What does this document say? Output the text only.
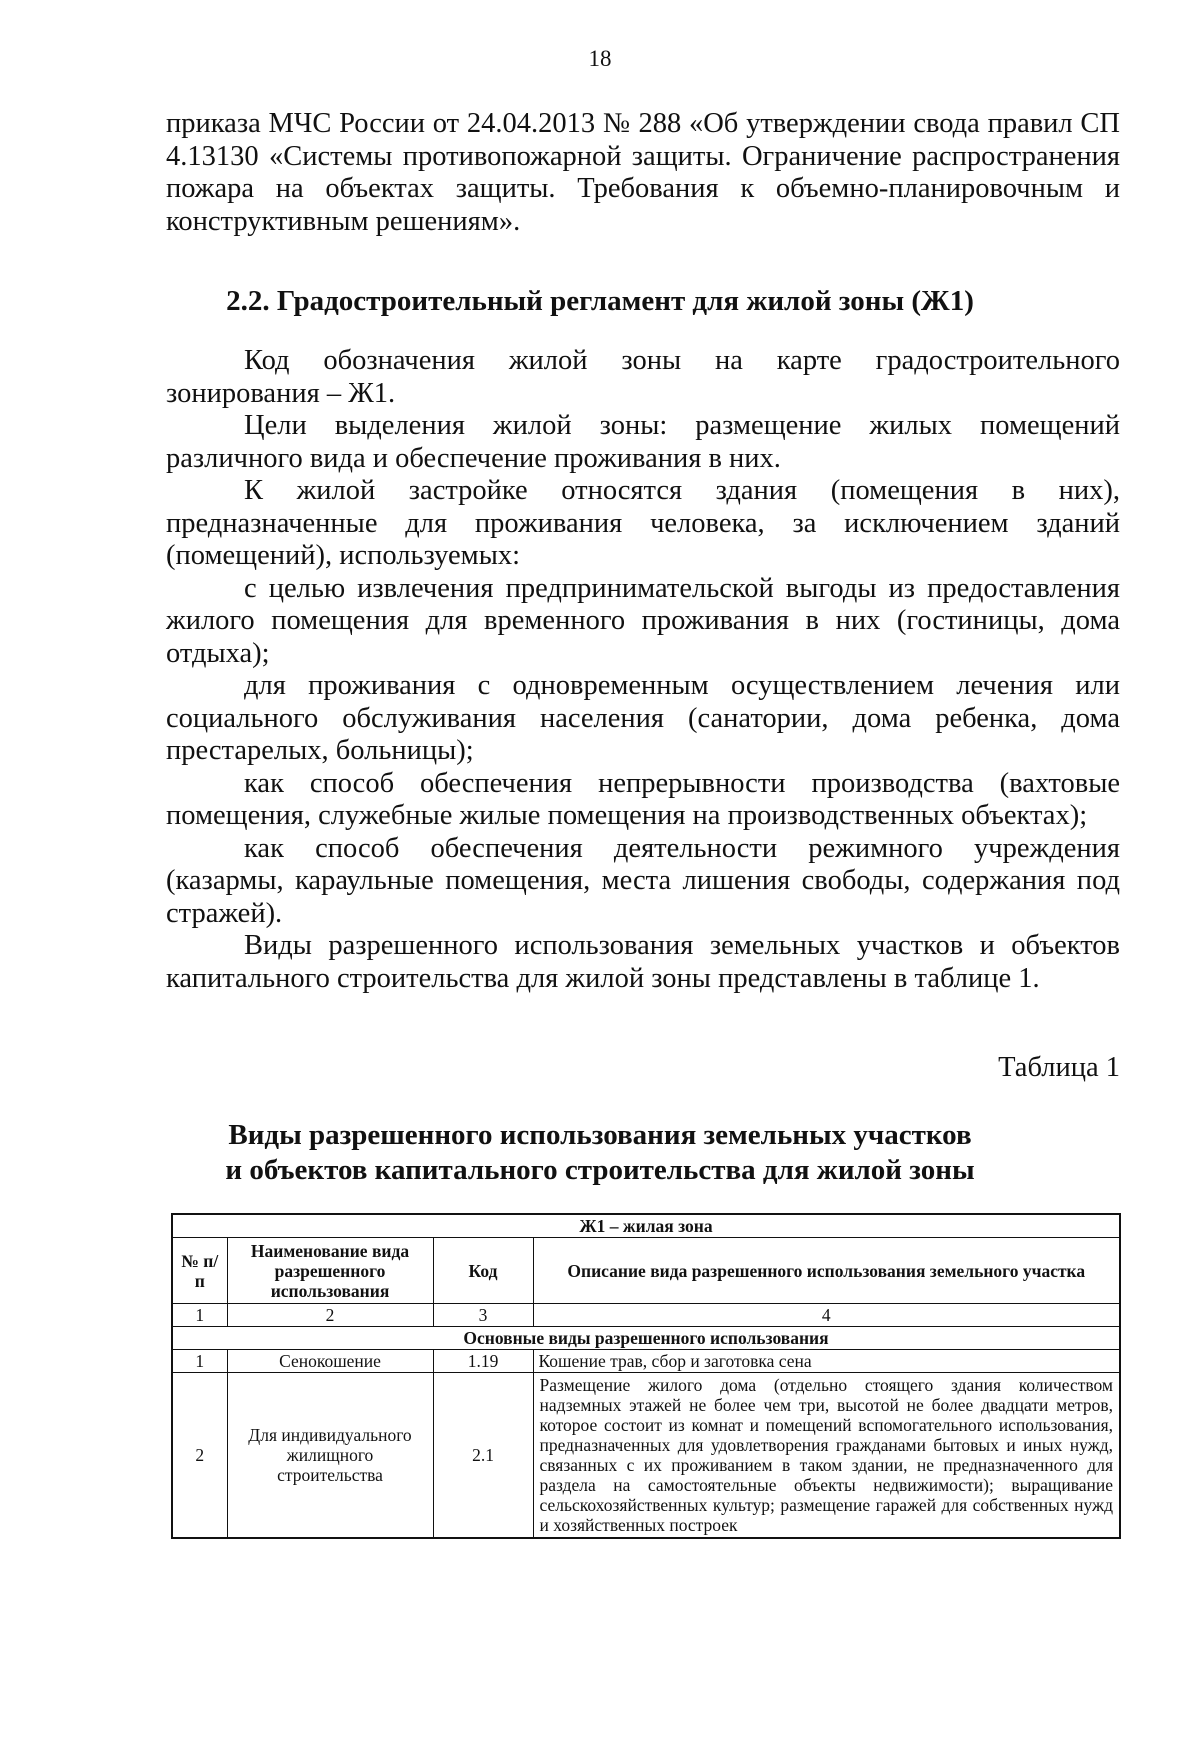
18

приказа МЧС России от 24.04.2013 № 288 «Об утверждении свода правил СП 4.13130 «Системы противопожарной защиты. Ограничение распространения пожара на объектах защиты. Требования к объемно-планировочным и конструктивным решениям».

2.2. Градостроительный регламент для жилой зоны (Ж1)

Код обозначения жилой зоны на карте градостроительного зонирования – Ж1.

Цели выделения жилой зоны: размещение жилых помещений различного вида и обеспечение проживания в них.

К жилой застройке относятся здания (помещения в них), предназначенные для проживания человека, за исключением зданий (помещений), используемых:

с целью извлечения предпринимательской выгоды из предоставления жилого помещения для временного проживания в них (гостиницы, дома отдыха);

для проживания с одновременным осуществлением лечения или социального обслуживания населения (санатории, дома ребенка, дома престарелых, больницы);

как способ обеспечения непрерывности производства (вахтовые помещения, служебные жилые помещения на производственных объектах);

как способ обеспечения деятельности режимного учреждения (казармы, караульные помещения, места лишения свободы, содержания под стражей).

Виды разрешенного использования земельных участков и объектов капитального строительства для жилой зоны представлены в таблице 1.

Таблица 1

Виды разрешенного использования земельных участков
и объектов капитального строительства для жилой зоны
Ж1 – жилая зона			
№ п/п	Наименование вида разрешенного использования	Код	Описание вида разрешенного использования земельного участка
1	2	3	4
Основные виды разрешенного использования			
1	Сенокошение	1.19	Кошение трав, сбор и заготовка сена
2	Для индивидуального жилищного строительства	2.1	Размещение жилого дома (отдельно стоящего здания количеством надземных этажей не более чем три, высотой не более двадцати метров, которое состоит из комнат и помещений вспомогательного использования, предназначенных для удовлетворения гражданами бытовых и иных нужд, связанных с их проживанием в таком здании, не предназначенного для раздела на самостоятельные объекты недвижимости); выращивание сельскохозяйственных культур; размещение гаражей для собственных нужд и хозяйственных построек
